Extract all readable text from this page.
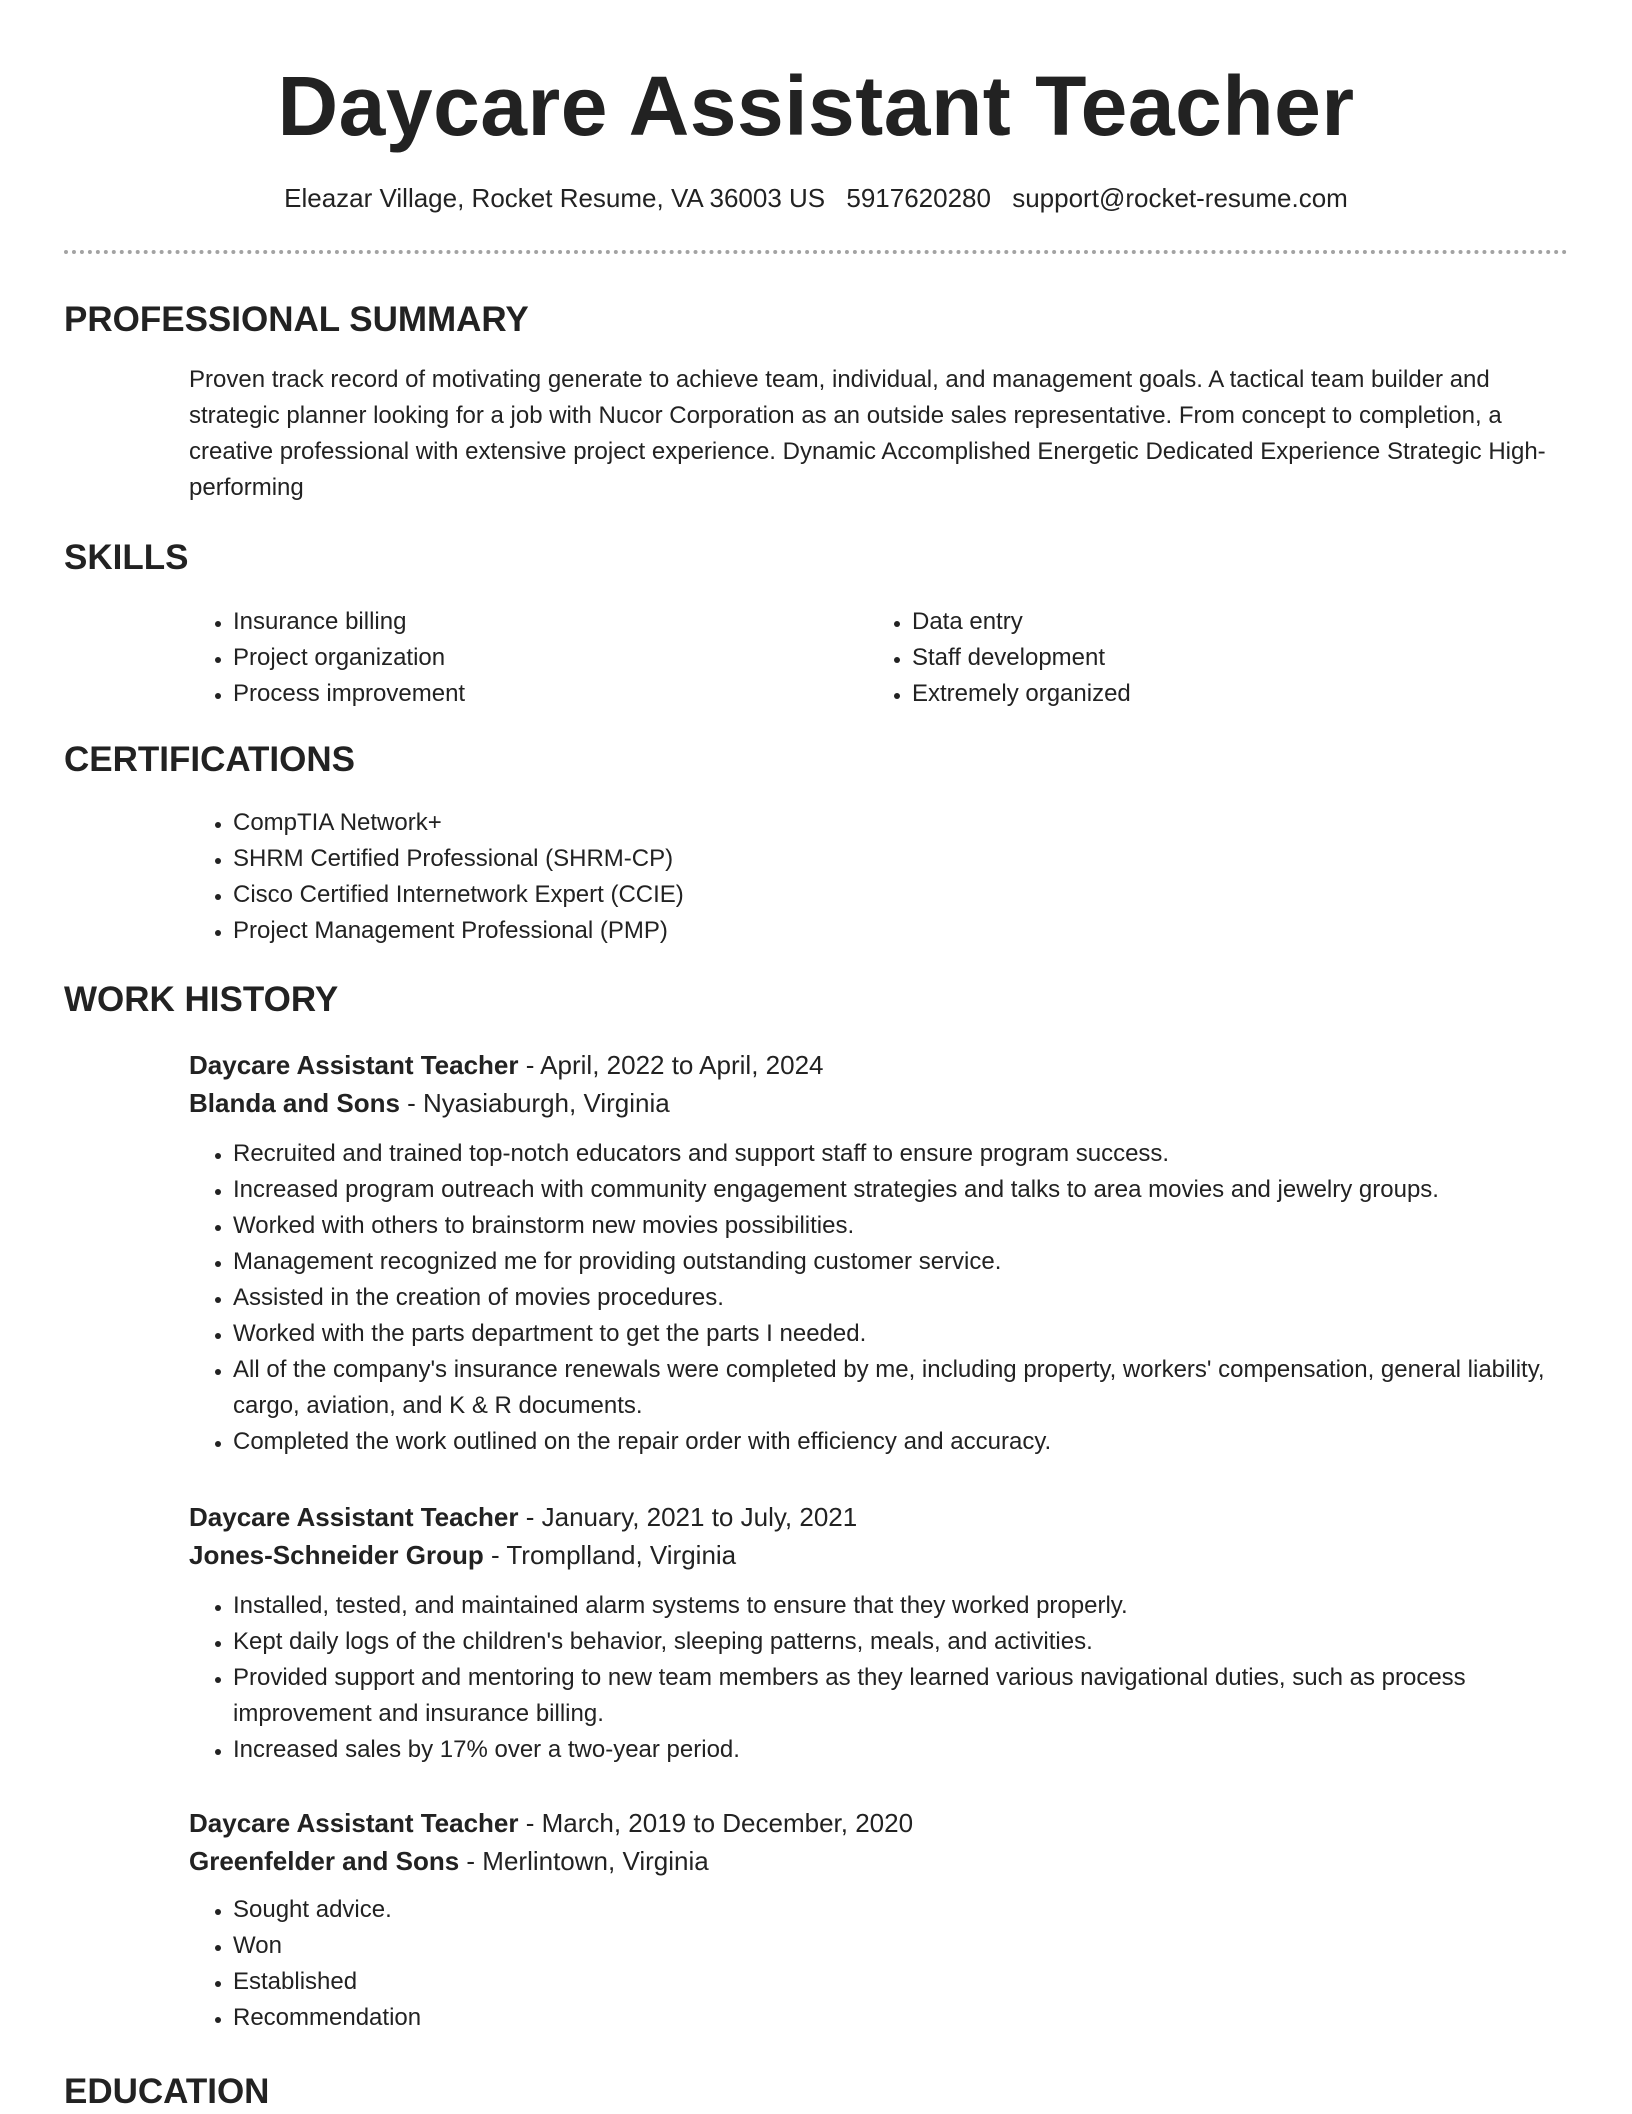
Daycare Assistant Teacher
Eleazar Village, Rocket Resume, VA 36003 US 5917620280 support@rocket-resume.com
PROFESSIONAL SUMMARY

Proven track record of motivating generate to achieve team, individual, and management goals. A tactical team builder and strategic planner looking for a job with Nucor Corporation as an outside sales representative. From concept to completion, a creative professional with extensive project experience. Dynamic Accomplished Energetic Dedicated Experience Strategic High-performing

SKILLS
• Insurance billing
• Project organization
• Process improvement
• Data entry
• Staff development
• Extremely organized
CERTIFICATIONS
• CompTIA Network+
• SHRM Certified Professional (SHRM-CP)
• Cisco Certified Internetwork Expert (CCIE)
• Project Management Professional (PMP)
WORK HISTORY

Daycare Assistant Teacher - April, 2022 to April, 2024

Blanda and Sons - Nyasiaburgh, Virginia

• Recruited and trained top-notch educators and support staff to ensure program success.
• Increased program outreach with community engagement strategies and talks to area movies and jewelry groups.
• Worked with others to brainstorm new movies possibilities.
• Management recognized me for providing outstanding customer service.
• Assisted in the creation of movies procedures.
• Worked with the parts department to get the parts I needed.
• All of the company's insurance renewals were completed by me, including property, workers' compensation, general liability, cargo, aviation, and K & R documents.
• Completed the work outlined on the repair order with efficiency and accuracy.

Daycare Assistant Teacher - January, 2021 to July, 2021

Jones-Schneider Group - Tromplland, Virginia

• Installed, tested, and maintained alarm systems to ensure that they worked properly.
• Kept daily logs of the children's behavior, sleeping patterns, meals, and activities.
• Provided support and mentoring to new team members as they learned various navigational duties, such as process improvement and insurance billing.
• Increased sales by 17% over a two-year period.

Daycare Assistant Teacher - March, 2019 to December, 2020

Greenfelder and Sons - Merlintown, Virginia

• Sought advice.
• Won
• Established
• Recommendation
EDUCATION
